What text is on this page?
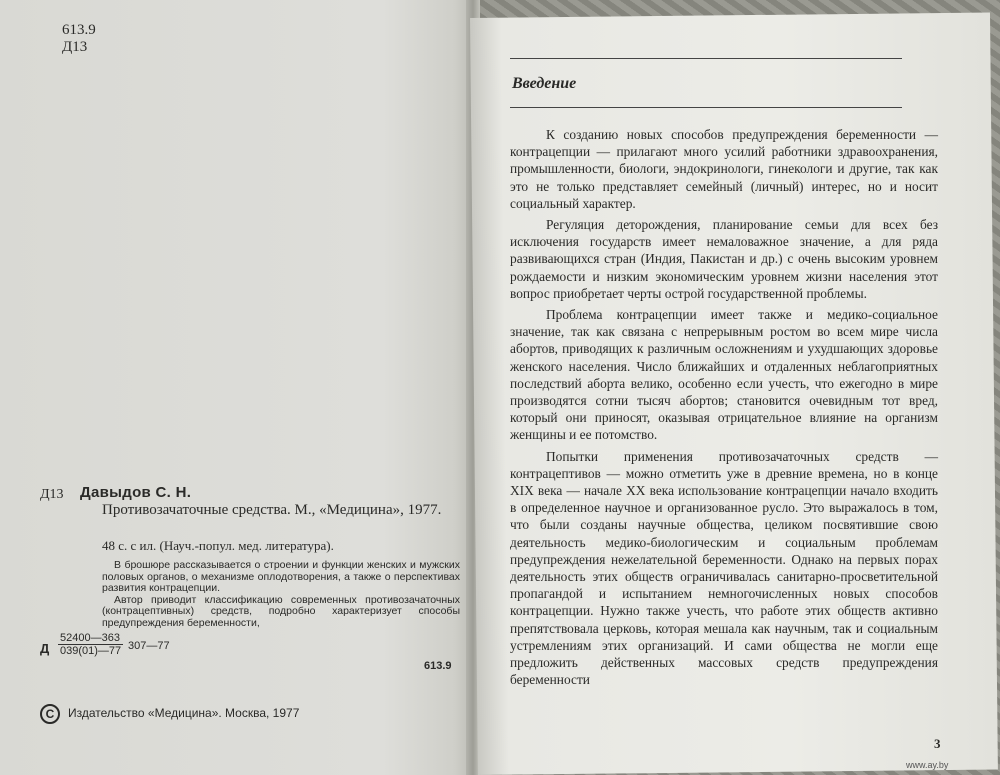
613.9
Д13
Д13 Давыдов С. Н.
Противозачаточные средства. М., «Медицина», 1977.
48 с. с ил. (Науч.-попул. мед. литература).

В брошюре рассказывается о строении и функции женских и мужских половых органов, о механизме оплодотворения, а также о перспективах развития контрацепции.

Автор приводит классификацию современных противозачаточных (контрацептивных) средств, подробно характеризует способы предупреждения беременности,

Д $\frac{52400—363}{039(01)—77}$ 307—77
613.9
C Издательство «Медицина». Москва, 1977
Введение

К созданию новых способов предупреждения беременности — контрацепции — прилагают много усилий работники здравоохранения, промышленности, биологи, эндокринологи, гинекологи и другие, так как это не только представляет семейный (личный) интерес, но и носит социальный характер.

Регуляция деторождения, планирование семьи для всех без исключения государств имеет немаловажное значение, а для ряда развивающихся стран (Индия, Пакистан и др.) с очень высоким уровнем рождаемости и низким экономическим уровнем жизни населения этот вопрос приобретает черты острой государственной проблемы.

Проблема контрацепции имеет также и медико-социальное значение, так как связана с непрерывным ростом во всем мире числа абортов, приводящих к различным осложнениям и ухудшающих здоровье женского населения. Число ближайших и отдаленных неблагоприятных последствий аборта велико, особенно если учесть, что ежегодно в мире производятся сотни тысяч абортов; становится очевидным тот вред, который они приносят, оказывая отрицательное влияние на организм женщины и ее потомство.

Попытки применения противозачаточных средств — контрацептивов — можно отметить уже в древние времена, но в конце XIX века — начале XX века использование контрацепции начало входить в определенное научное и организованное русло. Это выражалось в том, что были созданы научные общества, целиком посвятившие свою деятельность медико-биологическим и социальным проблемам предупреждения нежелательной беременности. Однако на первых порах деятельность этих обществ ограничивалась санитарно-просветительной пропагандой и испытанием немногочисленных новых способов контрацепции. Нужно также учесть, что работе этих обществ активно препятствовала церковь, которая мешала как научным, так и социальным устремлениям этих организаций. И сами общества не могли еще предложить действенных массовых средств предупреждения беременности

3
www.ay.by
